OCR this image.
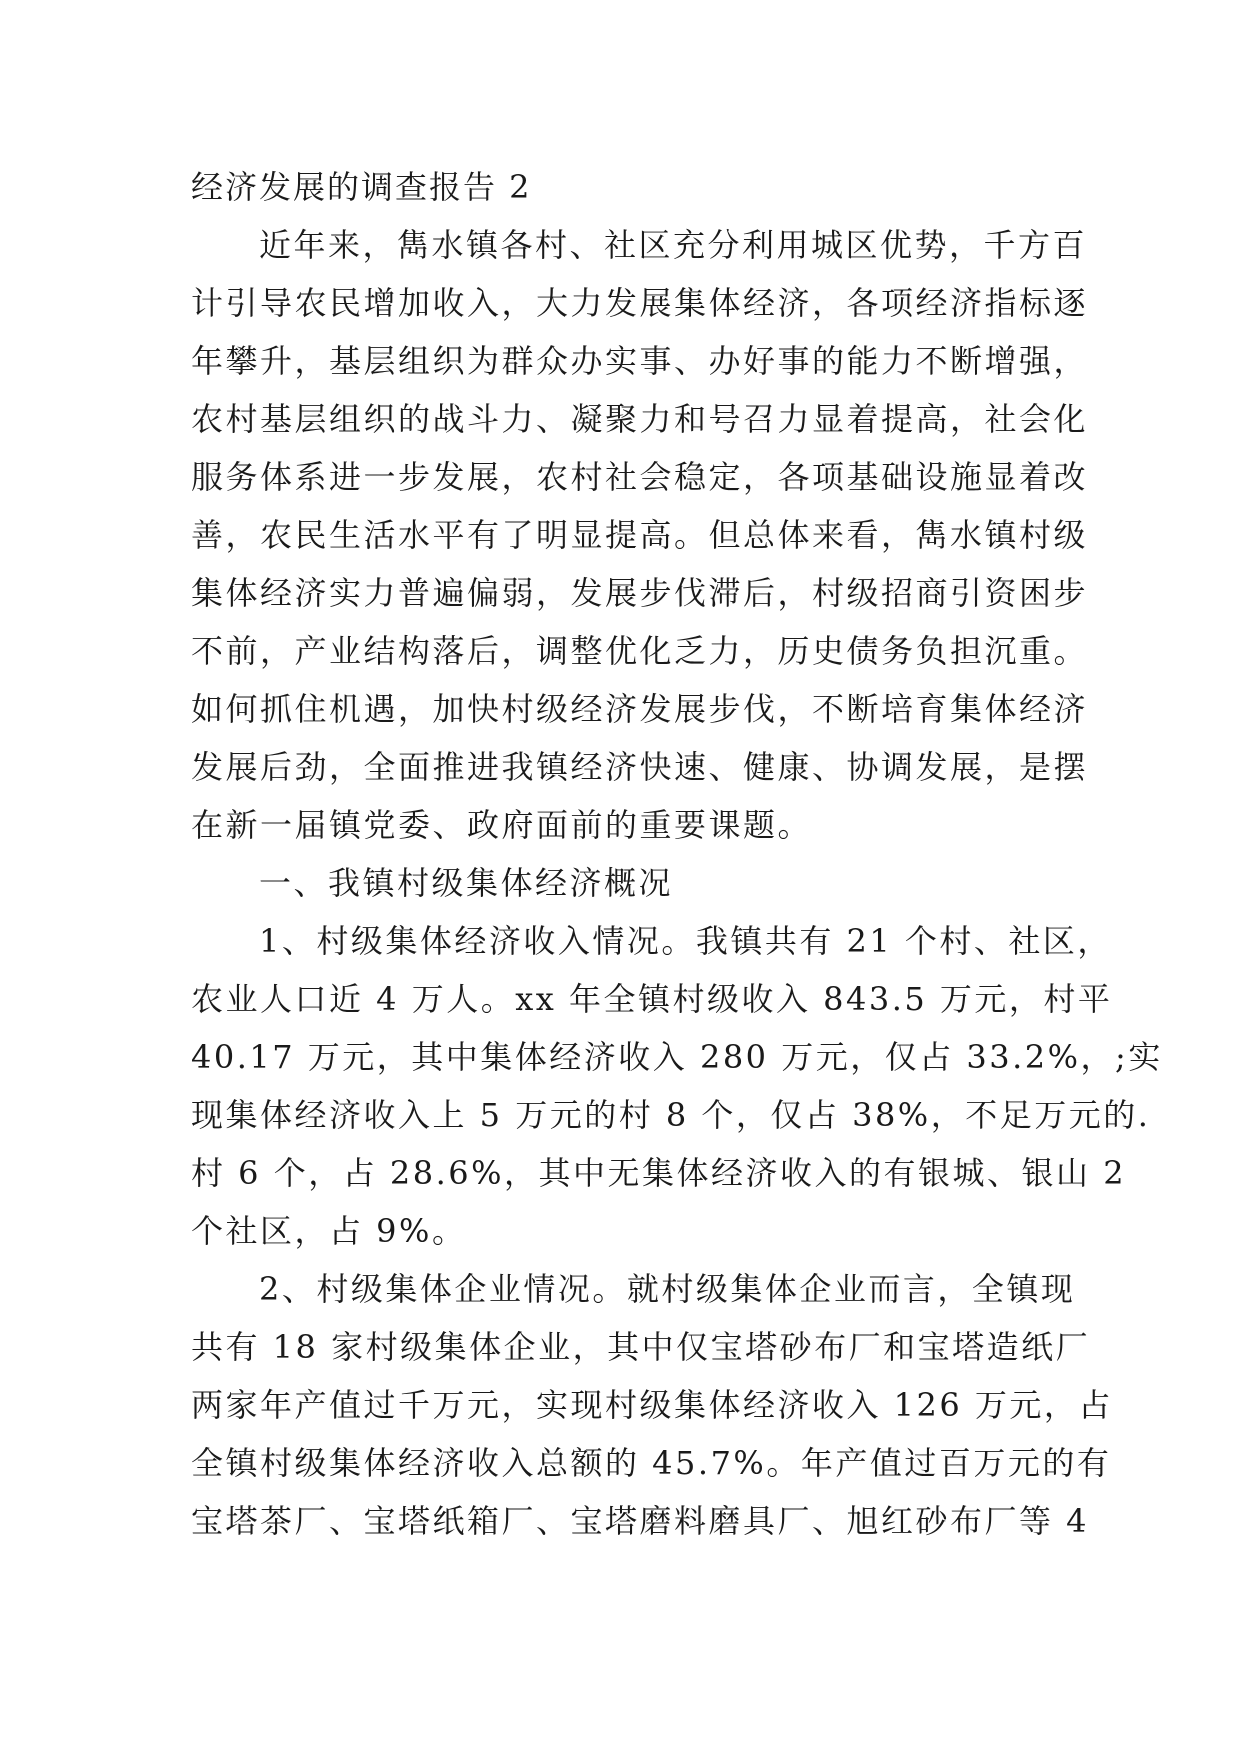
经济发展的调查报告 2
近年来，雋水镇各村、社区充分利用城区优势，千方百
计引导农民增加收入，大力发展集体经济，各项经济指标逐
年攀升，基层组织为群众办实事、办好事的能力不断增强，
农村基层组织的战斗力、凝聚力和号召力显着提高，社会化
服务体系进一步发展，农村社会稳定，各项基础设施显着改
善，农民生活水平有了明显提高。但总体来看，雋水镇村级
集体经济实力普遍偏弱，发展步伐滞后，村级招商引资困步
不前，产业结构落后，调整优化乏力，历史债务负担沉重。
如何抓住机遇，加快村级经济发展步伐，不断培育集体经济
发展后劲，全面推进我镇经济快速、健康、协调发展，是摆
在新一届镇党委、政府面前的重要课题。
一、我镇村级集体经济概况
1、村级集体经济收入情况。我镇共有 21 个村、社区，
农业人口近 4 万人。xx 年全镇村级收入 843.5 万元，村平
40.17 万元，其中集体经济收入 280 万元，仅占 33.2%，;实
现集体经济收入上 5 万元的村 8 个，仅占 38%，不足万元的.
村 6 个，占 28.6%，其中无集体经济收入的有银城、银山 2
个社区，占 9%。
2、村级集体企业情况。就村级集体企业而言，全镇现
共有 18 家村级集体企业，其中仅宝塔砂布厂和宝塔造纸厂
两家年产值过千万元，实现村级集体经济收入 126 万元，占
全镇村级集体经济收入总额的 45.7%。年产值过百万元的有
宝塔茶厂、宝塔纸箱厂、宝塔磨料磨具厂、旭红砂布厂等 4
